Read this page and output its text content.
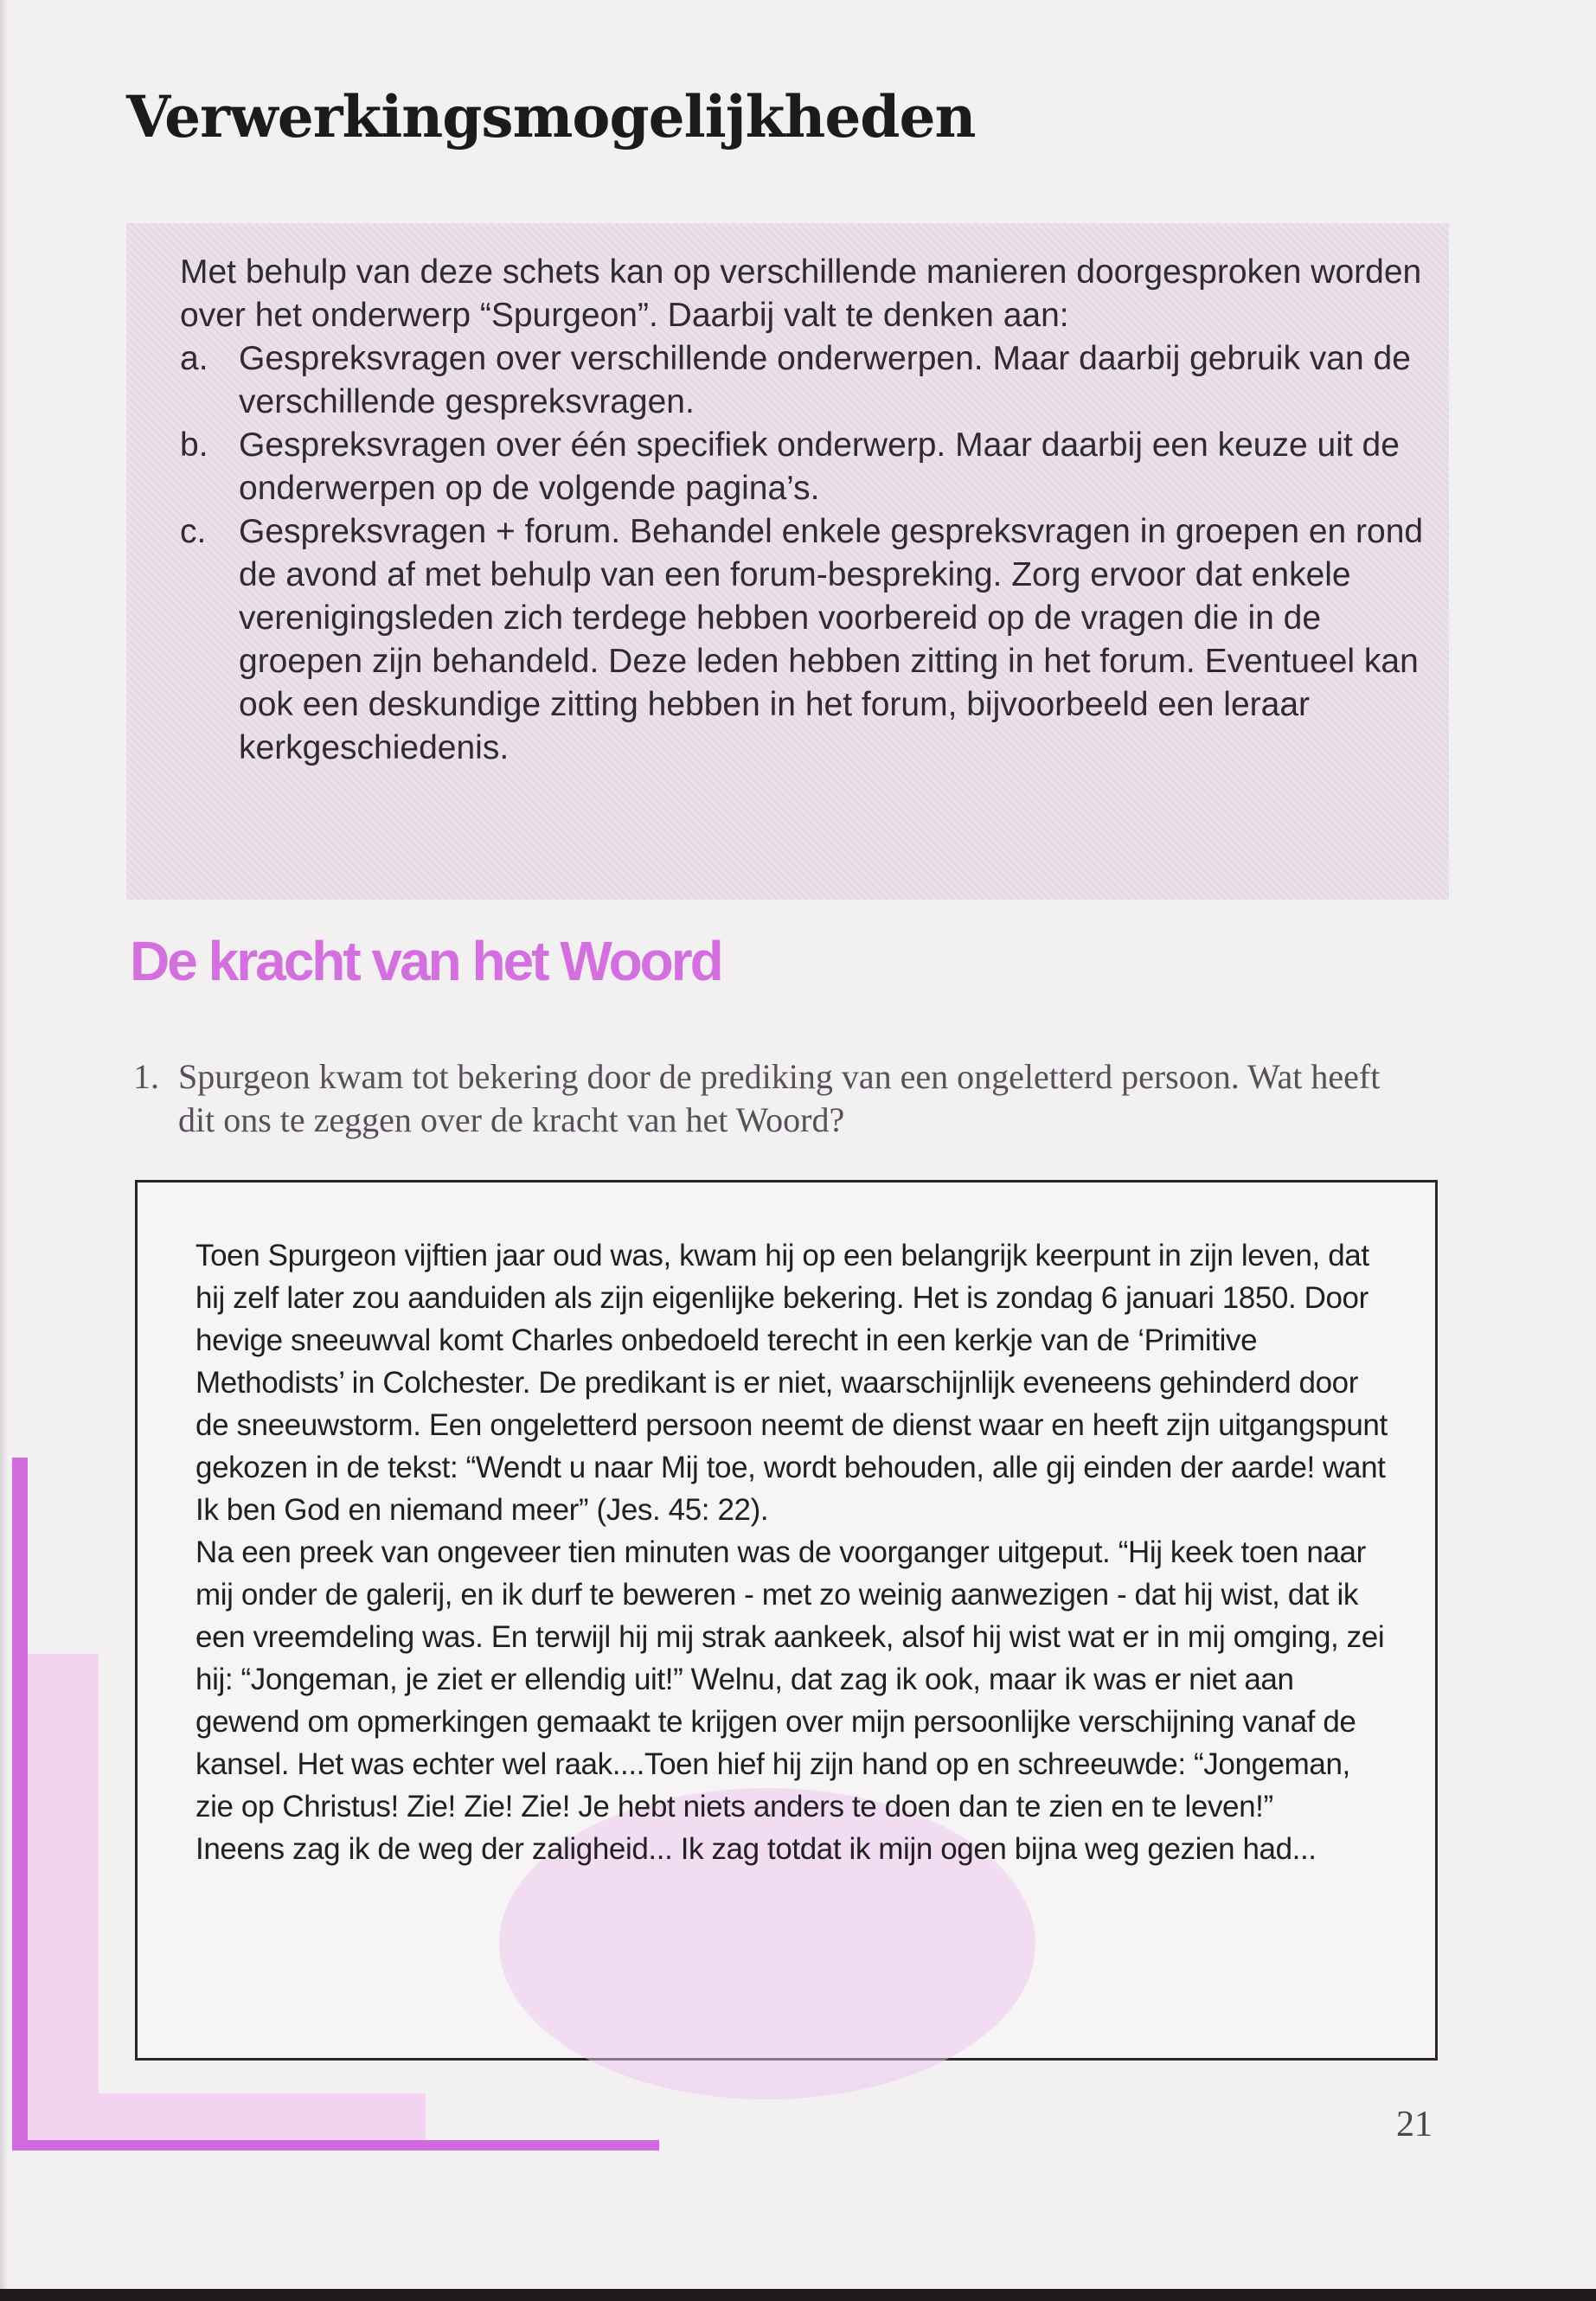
Verwerkingsmogelijkheden

Met behulp van deze schets kan op verschillende manieren doorgesproken worden over het onderwerp “Spurgeon”. Daarbij valt te denken aan:

a. Gespreksvragen over verschillende onderwerpen. Maar daarbij gebruik van de verschillende gespreksvragen.
b. Gespreksvragen over één specifiek onderwerp. Maar daarbij een keuze uit de onderwerpen op de volgende pagina’s.
c. Gespreksvragen + forum. Behandel enkele gespreksvragen in groepen en rond de avond af met behulp van een forum-bespreking. Zorg ervoor dat enkele verenigingsleden zich terdege hebben voorbereid op de vragen die in de groepen zijn behandeld. Deze leden hebben zitting in het forum. Eventueel kan ook een deskundige zitting hebben in het forum, bijvoorbeeld een leraar kerkgeschiedenis.
De kracht van het Woord
1. Spurgeon kwam tot bekering door de prediking van een ongeletterd persoon. Wat heeft dit ons te zeggen over de kracht van het Woord?
Toen Spurgeon vijftien jaar oud was, kwam hij op een belangrijk keerpunt in zijn leven, dat hij zelf later zou aanduiden als zijn eigenlijke bekering. Het is zondag 6 januari 1850. Door hevige sneeuwval komt Charles onbedoeld terecht in een kerkje van de ‘Primitive Methodists’ in Colchester. De predikant is er niet, waarschijnlijk eveneens gehinderd door de sneeuwstorm. Een ongeletterd persoon neemt de dienst waar en heeft zijn uitgangspunt gekozen in de tekst: “Wendt u naar Mij toe, wordt behouden, alle gij einden der aarde! want Ik ben God en niemand meer” (Jes. 45: 22).
Na een preek van ongeveer tien minuten was de voorganger uitgeput. “Hij keek toen naar mij onder de galerij, en ik durf te beweren - met zo weinig aanwezigen - dat hij wist, dat ik een vreemdeling was. En terwijl hij mij strak aankeek, alsof hij wist wat er in mij omging, zei hij: “Jongeman, je ziet er ellendig uit!” Welnu, dat zag ik ook, maar ik was er niet aan gewend om opmerkingen gemaakt te krijgen over mijn persoonlijke verschijning vanaf de kansel. Het was echter wel raak....Toen hief hij zijn hand op en schreeuwde: “Jongeman, zie op Christus! Zie! Zie! Zie! Je hebt niets anders te doen dan te zien en te leven!”
Ineens zag ik de weg der zaligheid... Ik zag totdat ik mijn ogen bijna weg gezien had...
21
